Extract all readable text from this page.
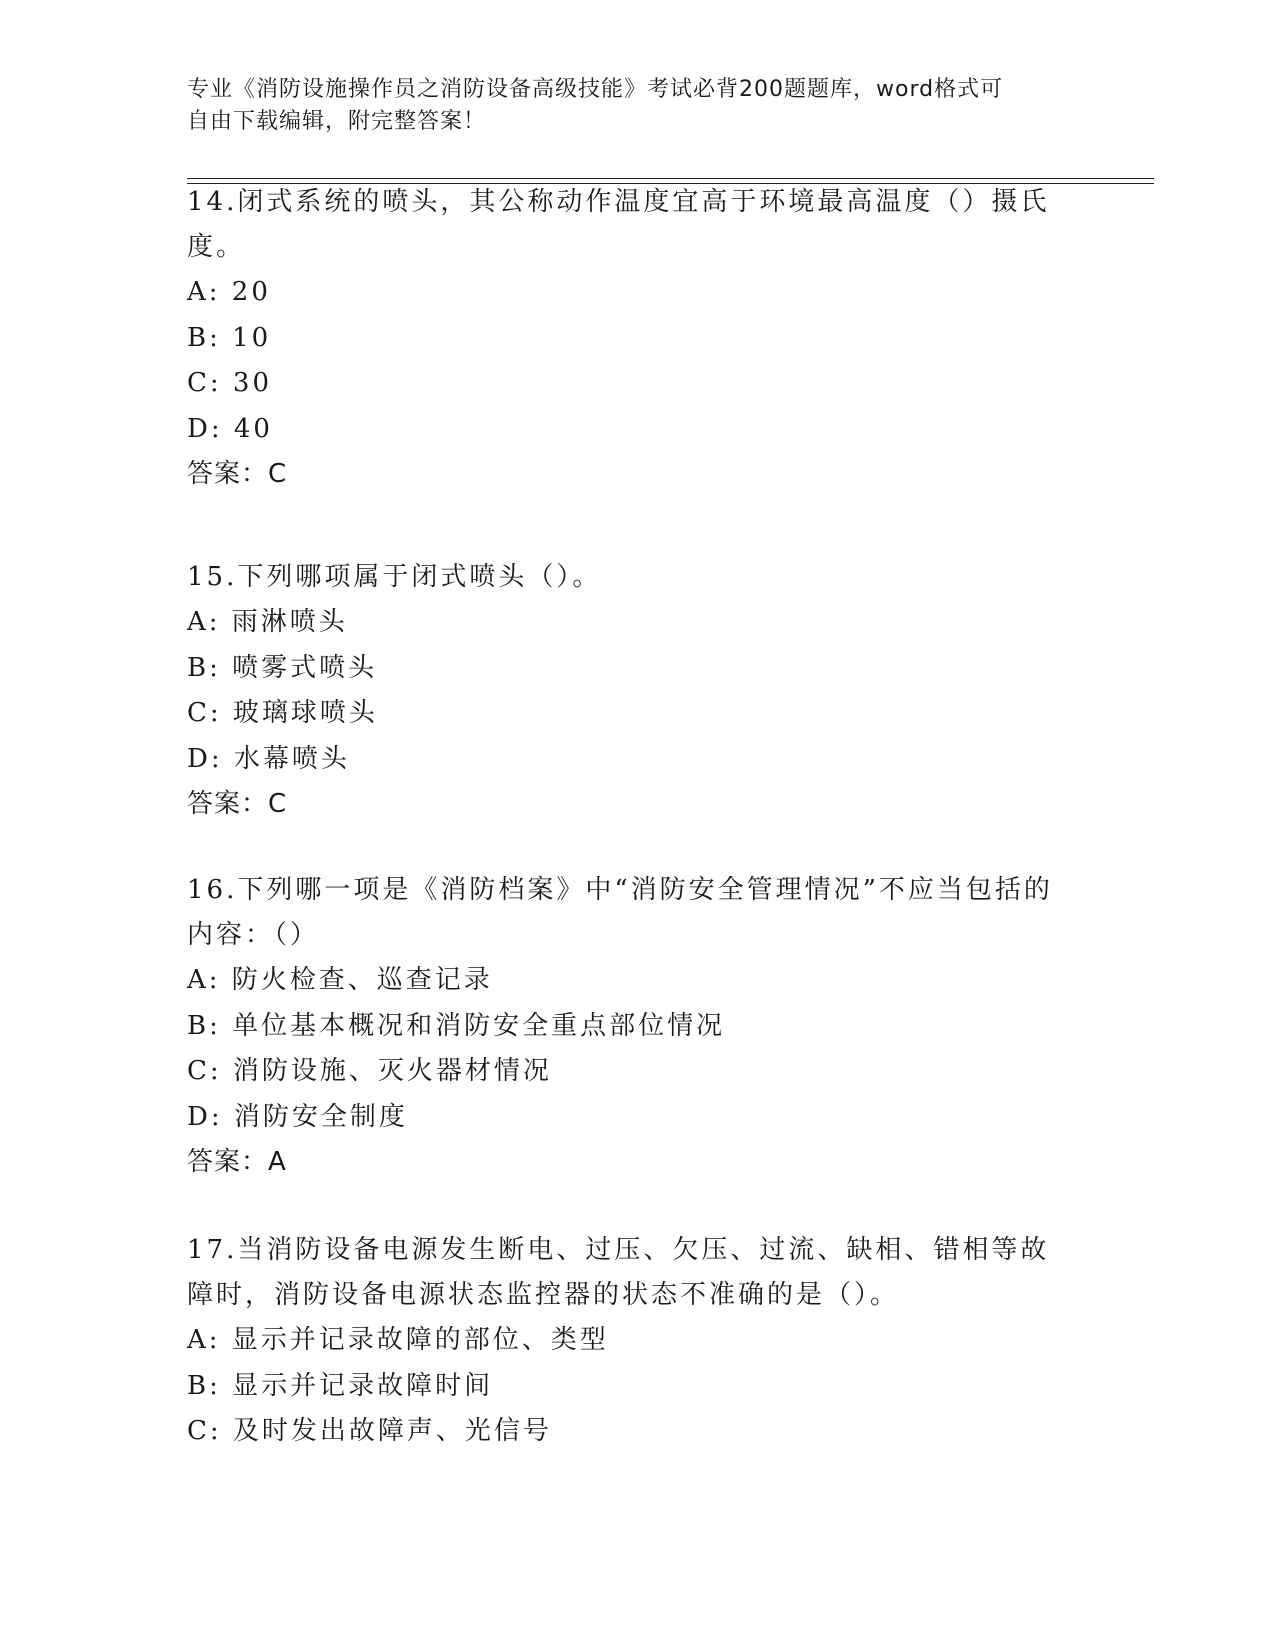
专业《消防设施操作员之消防设备高级技能》考试必背200题题库，word格式可
自由下载编辑，附完整答案！

14.闭式系统的喷头，其公称动作温度宜高于环境最高温度（）摄氏度。

A: 20

B: 10

C: 30

D: 40

答案：C

15.下列哪项属于闭式喷头（）。

A: 雨淋喷头

B: 喷雾式喷头

C: 玻璃球喷头

D: 水幕喷头

答案：C

16.下列哪一项是《消防档案》中“消防安全管理情况”不应当包括的内容：（）

A: 防火检查、巡查记录

B: 单位基本概况和消防安全重点部位情况

C: 消防设施、灭火器材情况

D: 消防安全制度

答案：A

17.当消防设备电源发生断电、过压、欠压、过流、缺相、错相等故障时，消防设备电源状态监控器的状态不准确的是（）。

A: 显示并记录故障的部位、类型

B: 显示并记录故障时间

C: 及时发出故障声、光信号
